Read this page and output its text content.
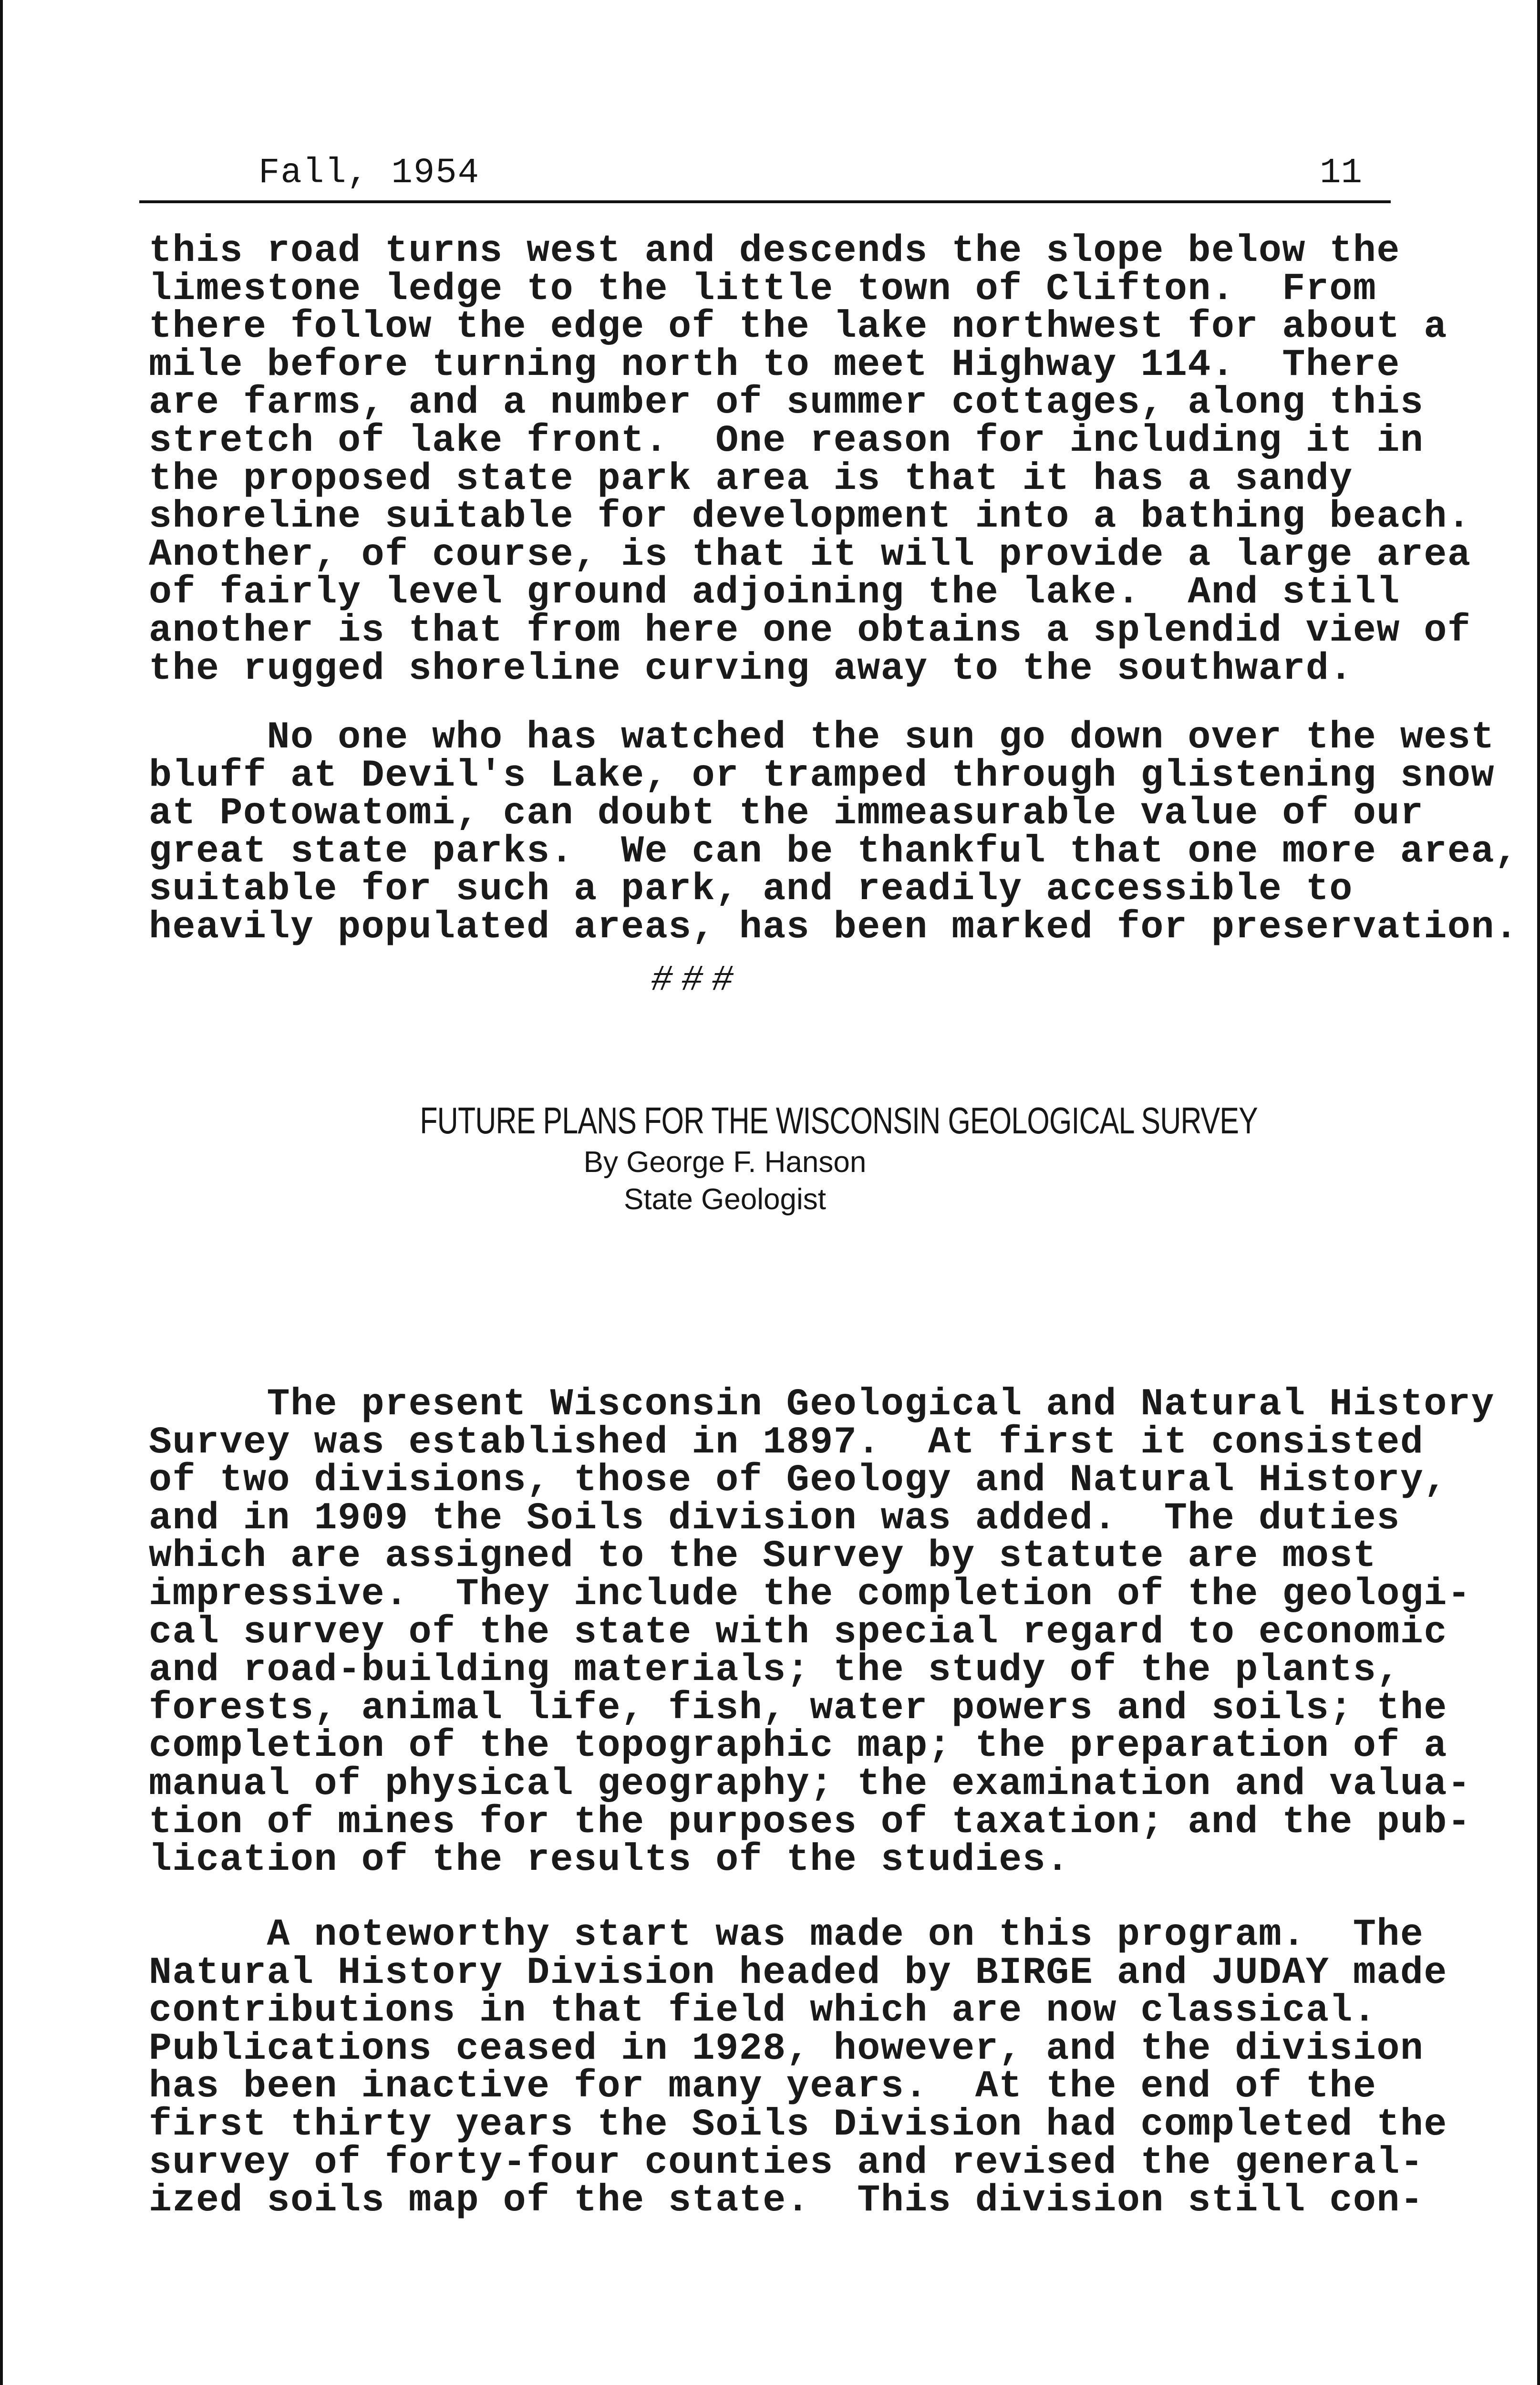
Fall, 1954	11
this road turns west and descends the slope below the
limestone ledge to the little town of Clifton.  From
there follow the edge of the lake northwest for about a
mile before turning north to meet Highway 114.  There
are farms, and a number of summer cottages, along this
stretch of lake front.  One reason for including it in
the proposed state park area is that it has a sandy
shoreline suitable for development into a bathing beach.
Another, of course, is that it will provide a large area
of fairly level ground adjoining the lake.  And still
another is that from here one obtains a splendid view of
the rugged shoreline curving away to the southward.
No one who has watched the sun go down over the west
bluff at Devil's Lake, or tramped through glistening snow
at Potowatomi, can doubt the immeasurable value of our
great state parks.  We can be thankful that one more area,
suitable for such a park, and readily accessible to
heavily populated areas, has been marked for preservation.
###
FUTURE PLANS FOR THE WISCONSIN GEOLOGICAL SURVEY
By George F. Hanson
State Geologist
The present Wisconsin Geological and Natural History
Survey was established in 1897.  At first it consisted
of two divisions, those of Geology and Natural History,
and in 1909 the Soils division was added.  The duties
which are assigned to the Survey by statute are most
impressive.  They include the completion of the geologi-
cal survey of the state with special regard to economic
and road-building materials; the study of the plants,
forests, animal life, fish, water powers and soils; the
completion of the topographic map; the preparation of a
manual of physical geography; the examination and valua-
tion of mines for the purposes of taxation; and the pub-
lication of the results of the studies.
A noteworthy start was made on this program.  The
Natural History Division headed by BIRGE and JUDAY made
contributions in that field which are now classical.
Publications ceased in 1928, however, and the division
has been inactive for many years.  At the end of the
first thirty years the Soils Division had completed the
survey of forty-four counties and revised the general-
ized soils map of the state.  This division still con-
